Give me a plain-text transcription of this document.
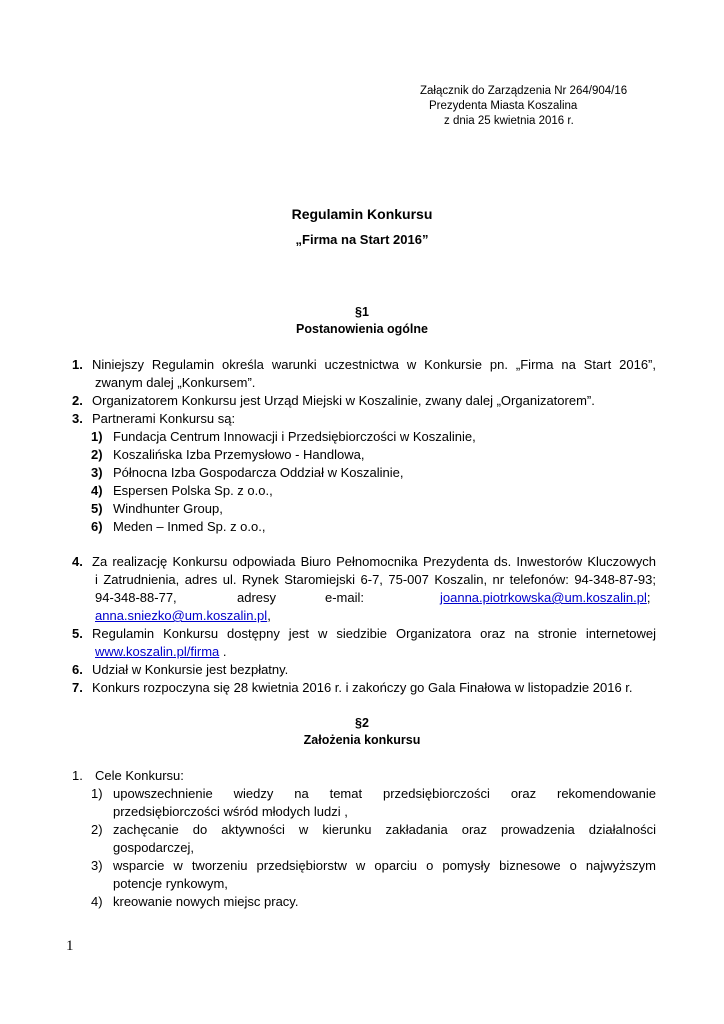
Załącznik do Zarządzenia Nr 264/904/16
Prezydenta Miasta Koszalina
z dnia 25 kwietnia 2016 r.
Regulamin Konkursu
„Firma na Start 2016”
§1
Postanowienia ogólne
1. Niniejszy Regulamin określa warunki uczestnictwa w Konkursie pn. „Firma na Start 2016”,
zwanym dalej „Konkursem”.
2. Organizatorem Konkursu jest Urząd Miejski w Koszalinie, zwany dalej „Organizatorem”.
3. Partnerami Konkursu są:
1) Fundacja Centrum Innowacji i Przedsiębiorczości w Koszalinie,
2) Koszalińska Izba Przemysłowo - Handlowa,
3) Północna Izba Gospodarcza Oddział w Koszalinie,
4) Espersen Polska Sp. z o.o.,
5) Windhunter Group,
6) Meden – Inmed Sp. z o.o.,
4. Za realizację Konkursu odpowiada Biuro Pełnomocnika Prezydenta ds. Inwestorów Kluczowych
i Zatrudnienia, adres ul. Rynek Staromiejski 6-7, 75-007 Koszalin, nr telefonów: 94-348-87-93;
94-348-88-77,	adresy	e-mail:	joanna.piotrkowska@um.koszalin.pl;
anna.sniezko@um.koszalin.pl,
5. Regulamin Konkursu dostępny jest w siedzibie Organizatora oraz na stronie internetowej
www.koszalin.pl/firma .
6. Udział w Konkursie jest bezpłatny.
7. Konkurs rozpoczyna się 28 kwietnia 2016 r. i zakończy go Gala Finałowa w listopadzie 2016 r.
§2
Założenia konkursu
1. Cele Konkursu:
1) upowszechnienie wiedzy na temat przedsiębiorczości oraz rekomendowanie
przedsiębiorczości wśród młodych ludzi ,
2) zachęcanie do aktywności w kierunku zakładania oraz prowadzenia działalności
gospodarczej,
3) wsparcie w tworzeniu przedsiębiorstw w oparciu o pomysły biznesowe o najwyższym
potencje rynkowym,
4) kreowanie nowych miejsc pracy.
1
